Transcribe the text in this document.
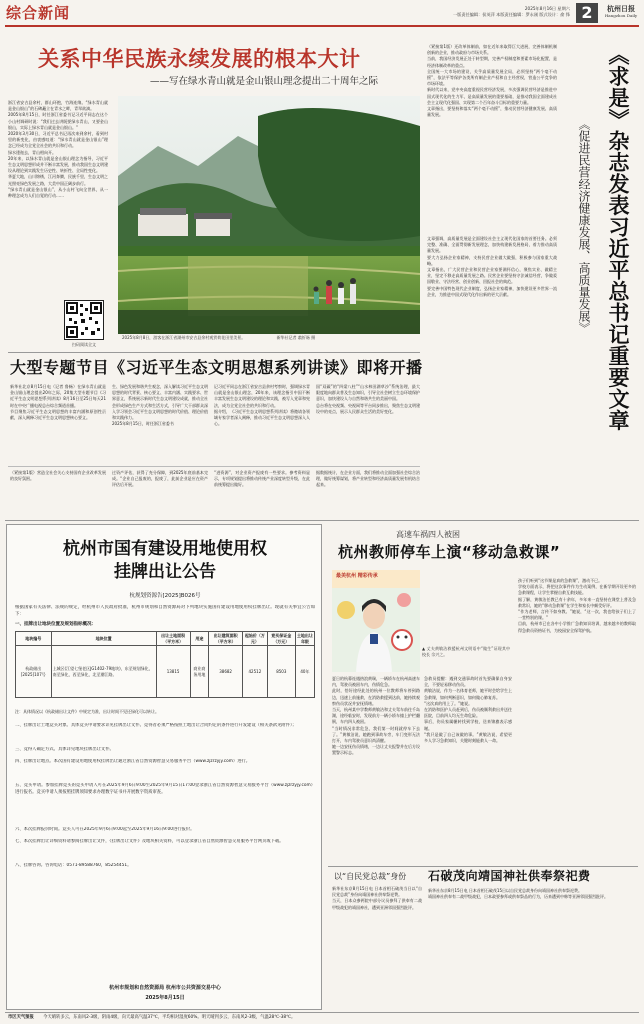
综合新闻	2025年8月16日 星期六
一版责任编辑：侯英萍 本版责任编辑：罗永刚 版式设计：俞 锋 2	杭州日报
Hangzhou Daily
关系中华民族永续发展的根本大计
——写在绿水青山就是金山银山理念提出二十周年之际
浙江省安吉县余村，群山环抱，竹海连绵。“绿水青山就是金山银山”的石碑矗立在青水之畔，青翠欲滴。
2005年8月15日，时任浙江省委书记习近平同志在这个小山村调研时说：“我们过去讲既要绿水青山，又要金山银山，实际上绿水青山就是金山银山。”
2020年3月30日，习近平总书记再次来到余村，看到村里的新变化，由衷感叹道：“绿水青山就是金山银山”理念已经成为全党全社会的共识和行动。
绿水逶迤去，青山相向开。
20年来，以绿水青山就是金山银山理念为指导，习近平生态文明思想形成并不断丰富发展，推动我国生态文明建设从理论到实践发生历史性、转折性、全局性变化。
华夏大地，山川锦绣，江河奔腾，民族千里，生态文明之光照亮绿色发展之路，大美中国正阔步前行。
“绿水青山就是金山银山”，从小山村飞向全世界，从一种理念成为人们自觉的行动……
扫码阅读全文
2025年8月8日，游客在浙江省湖州市安吉县余村观赏荷花田里美景。	新华社记者 翁忻旸 摄
（紧接第1版）还改革体制前，如在近年来取得巨大进展，完善体制机制创新的企业，推动政府与市场关系。
当前，我国经济发展正处于转型期，完善产权制度和要素市场化配置，是经济体制改革的重点。
全国统一大市场的建设，关乎高质量发展全局，必须坚持“两个毫不动摇”，依法平等保护各类所有制企业产权和自主经营权，营造公平竞争的市场环境。
新时代以来，党中央高度重视民营经济发展，多次强调民营经济是推进中国式现代化的生力军，是高质量发展的重要基础，是推动我国全面建成社会主义现代化强国、实现第二个百年奋斗目标的重要力量。
文章指出，要坚持和落实“两个毫不动摇”，推动民营经济健康发展、高质量发展。
文章强调，高质量发展是全面建设社会主义现代化国家的首要任务。必须完整、准确、全面贯彻新发展理念，加快构建新发展格局，着力推动高质量发展。
要大力弘扬企业家精神，支持民营企业做大做强，积极参与国家重大战略。
文章指出，广大民营企业和民营企业家要满怀信心，聚焦实业、做精主业，坚定不移走高质量发展之路。民营企业要坚持守法诚信经营，争做爱国敬业、守法经营、创业创新、回报社会的典范。
要完善中国特色现代企业制度，弘扬企业家精神，加快建设更多世界一流企业，为推进中国式现代化作出新的更大贡献。	《求是》杂志发表习近平总书记重要文章
《促进民营经济健康发展、高质量发展》
大型专题节目《习近平生态文明思想系列讲读》即将开播
新华社北京8月15日电（记者 鲁畅）在绿水青山就是金山银山理念提出20年之际，20集大型专题节目《习近平生态文明思想系列讲读》8月16日至25日每天21时在中央广播电视总台综合频道首播。
节目聚焦习近平生态文明思想的丰富内涵和原创性贡献，深入阐释习近平生态文明思想核心要义。
生、绿色发展和谐共生观念，深入解读习近平生态文明思想的时代背景、核心要义、丰富内涵、实践要求、世界意义，系统展示新时代生态文明建设成就，推动全社会形成绿色生产方式和生活方式，引导广大干部群众深入学习领会习近平生态文明思想的时代价值、理论价值和实践伟力。
2025年8月15日，时任浙江省委书
记习近平同志在浙江省安吉县余村考察时，强调绿水青山就是金山银山理念，20年来，该理念指引中国不断丰富发展生态文明建设的理论和实践，被写入党章和宪法，成为全党全社会的共识和行动。
据介绍，《习近平生态文明思想系列讲读》将邀请各领域专家学者深入阐释，推动习近平生态文明思想深入人心。
国“双碳”的“四梁八柱”“山水林田湖草沙”系统治理，最大限度地向群众普及生态知识，引导全社会树立生态环境保护意识，加快建设人与自然和谐共生的美丽中国。
总台将在央视频、央视网等平台同步推出，聚焦生态文明建设中的亮点，展示人民群众生活的美好变化。
（紧接第1版）营造全社会关心支持国有企业改革发展的良好氛围。
过资产评估，获得了充分保障，到2025年底前基本完成。“企业自己报废的，报废了，此前企业是应在资产评估后开展。
“进资源”，对企业资产报废有一些要求。参考资料显示，专项规划提出将推动传统产业深度转型升级，在此前统筹提出做好。
据数据统计，在企业方面，我们将推动全面加强社会综合治理，做好统筹谋划，将产业转型和经济高质量发展有机结合起来。
杭州市国有建设用地使用权
挂牌出让公告
杭规划资源告[2025]B026号
根据国家有关法律、法规的规定，经杭州市人民政府批准，杭州市规划和自然资源局对下列地块实施国有建设用地使用权挂牌出让。现就有关事宜公告如下：
一、挂牌出让地块位置及规划指标概况：
地块编号	地块位置	出让土地面积（平方米）	用途	出让建筑面积（平方米）	起始价（万元）	竞买保证金（万元）	土地出让年限
杭政储出[2025]107号	上城区(江望七堡老区JG1402-79地块)，东至规划绿化，南至绿化，西至绿化，北至潮江路。	13815	商业商务用地	38682	42512	8503	40年
注：具体情况以《杭政储出让文件》中规定为准，出让时间不见还绿化可以转让。
二、挂牌出让土地竞买对象。具体竞买申请要求详见挂牌出让文件。竞得者必须严格按照土地出让合同约定的条件进行开发建设（相关条款见附件）；
三、竞得人确定方式。具体详见地块挂牌出让文件。
四、挂牌出让地点。本次国有建设用地使用权挂牌出让通过浙江省自然资源智慧交易服务平台（www.zjzrzyjy.com）进行。
五、竞买申请。参加挂牌竞买的竞买申请人可在2025年9月6日9:00至2025年9月15日17:00登录浙江省自然资源智慧交易服务平台（www.zjzrzyjy.com）进行报名。竞买申请人须按照挂牌须知要求办理数字证书并开展数字资质审查。
六、本次挂牌报价时间。竞买人可在2025年9月6日9:00起至2025年9月16日9:00进行报价。
七、本次挂牌出让详细资料请参阅挂牌出让文件，《挂牌出让文件》及地块相关资料，可以登录浙江省自然资源智慧交易服务平台网页或下载。
八、挂牌咨询。咨询电话：0571-89588760，85254451。
杭州市规划和自然资源局 杭州市公共资源交易中心
2025年8月15日
高速车祸四人被困
杭州教师停车上演“移动急救课”
最美杭州 精彩传承
▲ 丈夫黄敏洁救援杭州文明语中“做生”证现其中校长 佘兴之。
夏日的杭幕连遇热浪黄瑞，一辆轿车在杭州高速车内，驾驶员被困车内，伤情危急。
此时，恰好途经此处的杭州一位教师将车停到路边，迅速上前施救，在消防救援到达前，她持续观察伤员状况并安抚情绪。
当天，杭州某中学教师黄敏洁和丈夫驾车前往千岛湖，途经临安时，发现前方一辆小轿车撞上护栏翻倒，车内四人被困。
“当时情况非常危急，我们第一时间就停车下去了。”黄敏洁说，她跑到事故车旁，车门变形无法打开，车内驾驶员意识尚清醒。
她一边安抚伤员情绪，一边让丈夫报警并在后方设置警示标志。
急救员提醒：遇到交通事故时首先要确保自身安全，不要轻易移动伤员。
黄敏洁说，作为一名体育老师，她平时会给学生上急救课，如何判断意识，如何做心肺复苏。
“这次真的用上了。”她说。
在消防和医护人员赶到后，伤员被顺利救出并送往医院，目前四人均无生命危险。
事后，伤员家属辗转找到学校，送来锦旗表示感谢。
“我只是做了自己该做的事。”黄敏洁说，希望更多人学习急救知识，关键时刻能救人一命。
孩子们听到“这节课是真的急救课”，激动不已。
学校方面表示，将把这次事件作为生动案例，在新学期开设更多的急救课程，让学生掌握自救互救技能。
据了解，黄敏洁任教已有十余年，多年来一直坚持在课堂上普及急救常识，她的“移动急救课”在学生和家长中颇受好评。
“作为老师，言传不如身教。”她说，“这一次，我也给孩子们上了一堂特别的课。”
目前，杭州市已在各中小学推广急救知识培训，越来越多的教师取得急救员资格证书，为校园安全保驾护航。
以“自民党总裁”身份
新华社东京8月15日电 日本首相石破茂当日以“自民党总裁”身份向靖国神社供奉祭祀费。
当天，日本众参两院中部分议员参拜了供奉有二战甲级战犯的靖国神社，遭到亚洲邻国强烈批评。
石破茂向靖国神社供奉祭祀费
新华社东京8月15日电 日本首相石破茂15日以自民党总裁身份向靖国神社供奉祭祀费。
靖国神社供奉有二战甲级战犯，日本政要参拜或供奉祭品的行为，历来遭到中韩等亚洲邻国强烈批评。
市区天气预报 今天晴转多云，东南风2-3级，阴雨4级，向天最高气温37℃，平均相对湿度60%。明天晴到多云，东南风2-3级，气温28℃-38℃。
